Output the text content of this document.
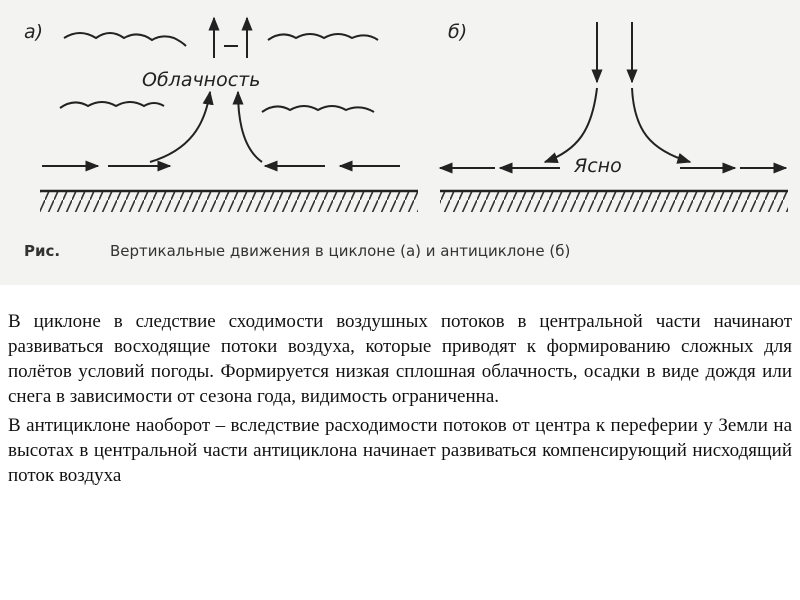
а)
Облачность
б)
Ясно
Рис.	Вертикальные движения в циклоне (а) и антициклоне (б)

В циклоне в следствие сходимости воздушных потоков в центральной части начинают развиваться восходящие потоки воздуха, которые приводят к формированию сложных для полётов условий погоды. Формируется низкая сплошная облачность, осадки в виде дождя или снега в зависимости от сезона года, видимость ограниченна.

В антициклоне наоборот – вследствие расходимости потоков от центра к переферии у Земли на высотах в центральной части антициклона начинает развиваться компенсирующий нисходящий поток воздуха
